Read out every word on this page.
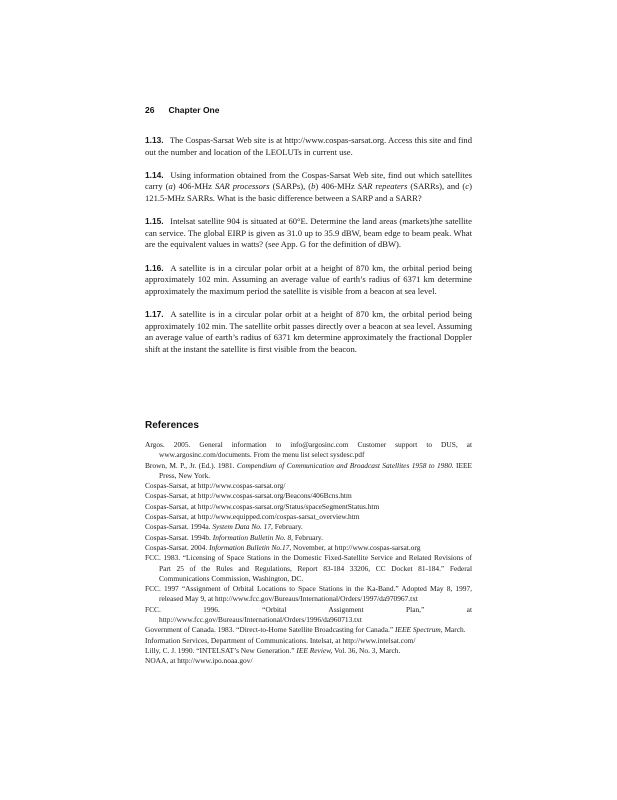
26 Chapter One

1.13. The Cospas-Sarsat Web site is at http://www.cospas-sarsat.org. Access this site and find out the number and location of the LEOLUTs in current use.

1.14. Using information obtained from the Cospas-Sarsat Web site, find out which satellites carry (a) 406-MHz SAR processors (SARPs), (b) 406-MHz SAR repeaters (SARRs), and (c) 121.5-MHz SARRs. What is the basic difference between a SARP and a SARR?

1.15. Intelsat satellite 904 is situated at 60°E. Determine the land areas (markets)the satellite can service. The global EIRP is given as 31.0 up to 35.9 dBW, beam edge to beam peak. What are the equivalent values in watts? (see App. G for the definition of dBW).

1.16. A satellite is in a circular polar orbit at a height of 870 km, the orbital period being approximately 102 min. Assuming an average value of earth’s radius of 6371 km determine approximately the maximum period the satellite is visible from a beacon at sea level.

1.17. A satellite is in a circular polar orbit at a height of 870 km, the orbital period being approximately 102 min. The satellite orbit passes directly over a beacon at sea level. Assuming an average value of earth’s radius of 6371 km determine approximately the fractional Doppler shift at the instant the satellite is first visible from the beacon.

References
Argos. 2005. General information to info@argosinc.com Customer support to DUS, at www.argosinc.com/documents. From the menu list select sysdesc.pdf
Brown, M. P., Jr. (Ed.). 1981. Compendium of Communication and Broadcast Satellites 1958 to 1980. IEEE Press, New York.
Cospas-Sarsat, at http://www.cospas-sarsat.org/
Cospas-Sarsat, at http://www.cospas-sarsat.org/Beacons/406Bcns.htm
Cospas-Sarsat, at http://www.cospas-sarsat.org/Status/spaceSegmentStatus.htm
Cospas-Sarsat, at http://www.equipped.com/cospas-sarsat_overview.htm
Cospas-Sarsat. 1994a. System Data No. 17, February.
Cospas-Sarsat. 1994b. Information Bulletin No. 8, February.
Cospas-Sarsat. 2004. Information Bulletin No.17, November, at http://www.cospas-sarsat.org
FCC. 1983. “Licensing of Space Stations in the Domestic Fixed-Satellite Service and Related Revisions of Part 25 of the Rules and Regulations, Report 83-184 33206, CC Docket 81-184.” Federal Communications Commission, Washington, DC.
FCC. 1997 “Assignment of Orbital Locations to Space Stations in the Ka-Band.” Adopted May 8, 1997, released May 9, at http://www.fcc.gov/Bureaus/International/Orders/1997/da970967.txt
FCC. 1996. “Orbital Assignment Plan,” at http://www.fcc.gov/Bureaus/International/Orders/1996/da960713.txt
Government of Canada. 1983. “Direct-to-Home Satellite Broadcasting for Canada.” IEEE Spectrum, March.
Information Services, Department of Communications. Intelsat, at http://www.intelsat.com/
Lilly, C. J. 1990. “INTELSAT’s New Generation.” IEE Review, Vol. 36, No. 3, March.
NOAA, at http://www.ipo.noaa.gov/
